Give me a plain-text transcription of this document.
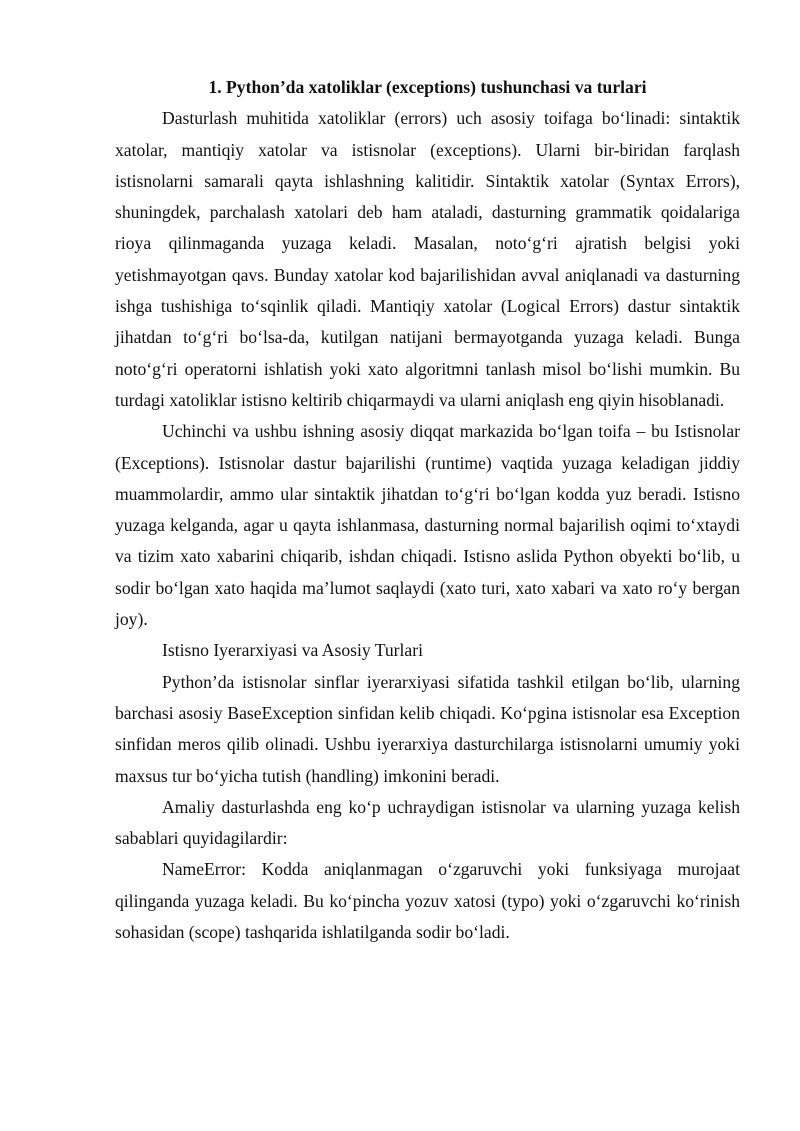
1. Python’da xatoliklar (exceptions) tushunchasi va turlari

Dasturlash muhitida xatoliklar (errors) uch asosiy toifaga bo‘linadi: sintaktik xatolar, mantiqiy xatolar va istisnolar (exceptions). Ularni bir-biridan farqlash istisnolarni samarali qayta ishlashning kalitidir. Sintaktik xatolar (Syntax Errors), shuningdek, parchalash xatolari deb ham ataladi, dasturning grammatik qoidalariga rioya qilinmaganda yuzaga keladi. Masalan, noto‘g‘ri ajratish belgisi yoki yetishmayotgan qavs. Bunday xatolar kod bajarilishidan avval aniqlanadi va dasturning ishga tushishiga to‘sqinlik qiladi. Mantiqiy xatolar (Logical Errors) dastur sintaktik jihatdan to‘g‘ri bo‘lsa-da, kutilgan natijani bermayotganda yuzaga keladi. Bunga noto‘g‘ri operatorni ishlatish yoki xato algoritmni tanlash misol bo‘lishi mumkin. Bu turdagi xatoliklar istisno keltirib chiqarmaydi va ularni aniqlash eng qiyin hisoblanadi.

Uchinchi va ushbu ishning asosiy diqqat markazida bo‘lgan toifa – bu Istisnolar (Exceptions). Istisnolar dastur bajarilishi (runtime) vaqtida yuzaga keladigan jiddiy muammolardir, ammo ular sintaktik jihatdan to‘g‘ri bo‘lgan kodda yuz beradi. Istisno yuzaga kelganda, agar u qayta ishlanmasa, dasturning normal bajarilish oqimi to‘xtaydi va tizim xato xabarini chiqarib, ishdan chiqadi. Istisno aslida Python obyekti bo‘lib, u sodir bo‘lgan xato haqida ma’lumot saqlaydi (xato turi, xato xabari va xato ro‘y bergan joy).

Istisno Iyerarxiyasi va Asosiy Turlari

Python’da istisnolar sinflar iyerarxiyasi sifatida tashkil etilgan bo‘lib, ularning barchasi asosiy BaseException sinfidan kelib chiqadi. Ko‘pgina istisnolar esa Exception sinfidan meros qilib olinadi. Ushbu iyerarxiya dasturchilarga istisnolarni umumiy yoki maxsus tur bo‘yicha tutish (handling) imkonini beradi.

Amaliy dasturlashda eng ko‘p uchraydigan istisnolar va ularning yuzaga kelish sabablari quyidagilardir:

NameError: Kodda aniqlanmagan o‘zgaruvchi yoki funksiyaga murojaat qilinganda yuzaga keladi. Bu ko‘pincha yozuv xatosi (typo) yoki o‘zgaruvchi ko‘rinish sohasidan (scope) tashqarida ishlatilganda sodir bo‘ladi.
